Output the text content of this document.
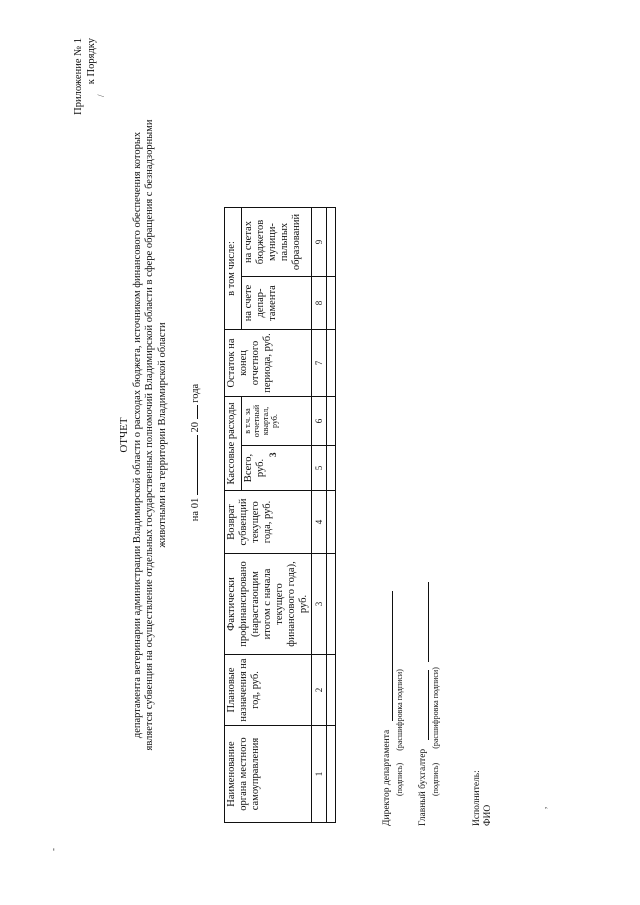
3
Приложение № 1 к Порядку
ОТЧЕТ департамента ветеринарии администрации Владимирской области о расходах бюджета, источником финансового обеспечения которых является субвенция на осуществление отдельных государственных полномочий Владимирской области в сфере обращения с безнадзорными животными на территории Владимирской области на 01  20  года
Наименование органа местного самоуправления	Плановые назначения на год, руб.	Фактически профинансировано (нарастающим итогом с начала текущего финансового года), руб.	Возврат субвенций текущего года, руб.	Кассовые расходы		Остаток на конец отчетного периода, руб.	в том числе:	
				Всего, руб.	в т.ч. за отчетный квартал, руб.		на счете депар- тамента	на счетах бюджетов муници- пальных образований
1	2	3	4	5	6	7	8	9

Директор департамента (подпись) (расшифровка подписи)
Главный бухгалтер (подпись) (расшифровка подписи)
Исполнитель: ФИО	,
/
-
